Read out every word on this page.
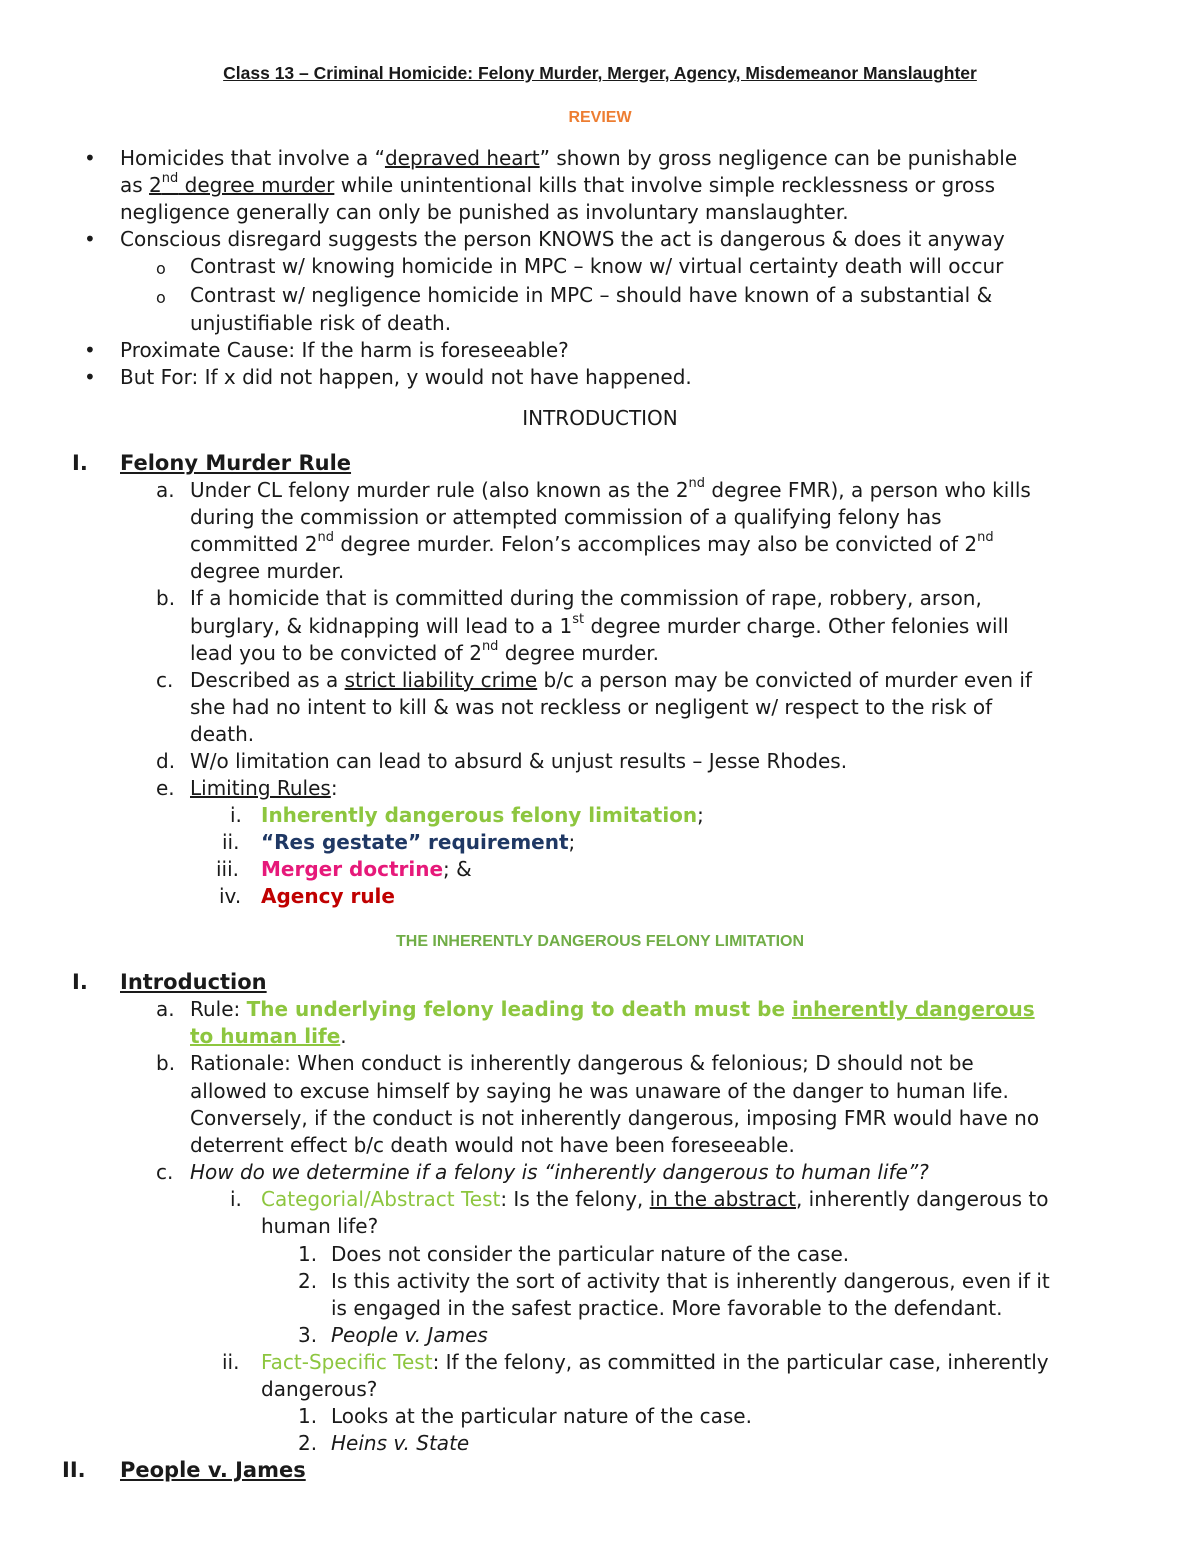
Class 13 – Criminal Homicide: Felony Murder, Merger, Agency, Misdemeanor Manslaughter
REVIEW
• Homicides that involve a “depraved heart” shown by gross negligence can be punishable
as 2nd degree murder while unintentional kills that involve simple recklessness or gross
negligence generally can only be punished as involuntary manslaughter.
• Conscious disregard suggests the person KNOWS the act is dangerous & does it anyway
o Contrast w/ knowing homicide in MPC – know w/ virtual certainty death will occur
o Contrast w/ negligence homicide in MPC – should have known of a substantial &
unjustifiable risk of death.
• Proximate Cause: If the harm is foreseeable?
• But For: If x did not happen, y would not have happened.
INTRODUCTION
I. Felony Murder Rule
a. Under CL felony murder rule (also known as the 2nd degree FMR), a person who kills
during the commission or attempted commission of a qualifying felony has
committed 2nd degree murder. Felon’s accomplices may also be convicted of 2nd
degree murder.
b. If a homicide that is committed during the commission of rape, robbery, arson,
burglary, & kidnapping will lead to a 1st degree murder charge. Other felonies will
lead you to be convicted of 2nd degree murder.
c. Described as a strict liability crime b/c a person may be convicted of murder even if
she had no intent to kill & was not reckless or negligent w/ respect to the risk of
death.
d. W/o limitation can lead to absurd & unjust results – Jesse Rhodes.
e. Limiting Rules:
i. Inherently dangerous felony limitation;
ii. “Res gestate” requirement;
iii. Merger doctrine; &
iv. Agency rule
THE INHERENTLY DANGEROUS FELONY LIMITATION
I. Introduction
a. Rule: The underlying felony leading to death must be inherently dangerous
to human life.
b. Rationale: When conduct is inherently dangerous & felonious; D should not be
allowed to excuse himself by saying he was unaware of the danger to human life.
Conversely, if the conduct is not inherently dangerous, imposing FMR would have no
deterrent effect b/c death would not have been foreseeable.
c. How do we determine if a felony is “inherently dangerous to human life”?
i. Categorial/Abstract Test: Is the felony, in the abstract, inherently dangerous to
human life?
1. Does not consider the particular nature of the case.
2. Is this activity the sort of activity that is inherently dangerous, even if it
is engaged in the safest practice. More favorable to the defendant.
3. People v. James
ii. Fact-Specific Test: If the felony, as committed in the particular case, inherently
dangerous?
1. Looks at the particular nature of the case.
2. Heins v. State
II. People v. James
